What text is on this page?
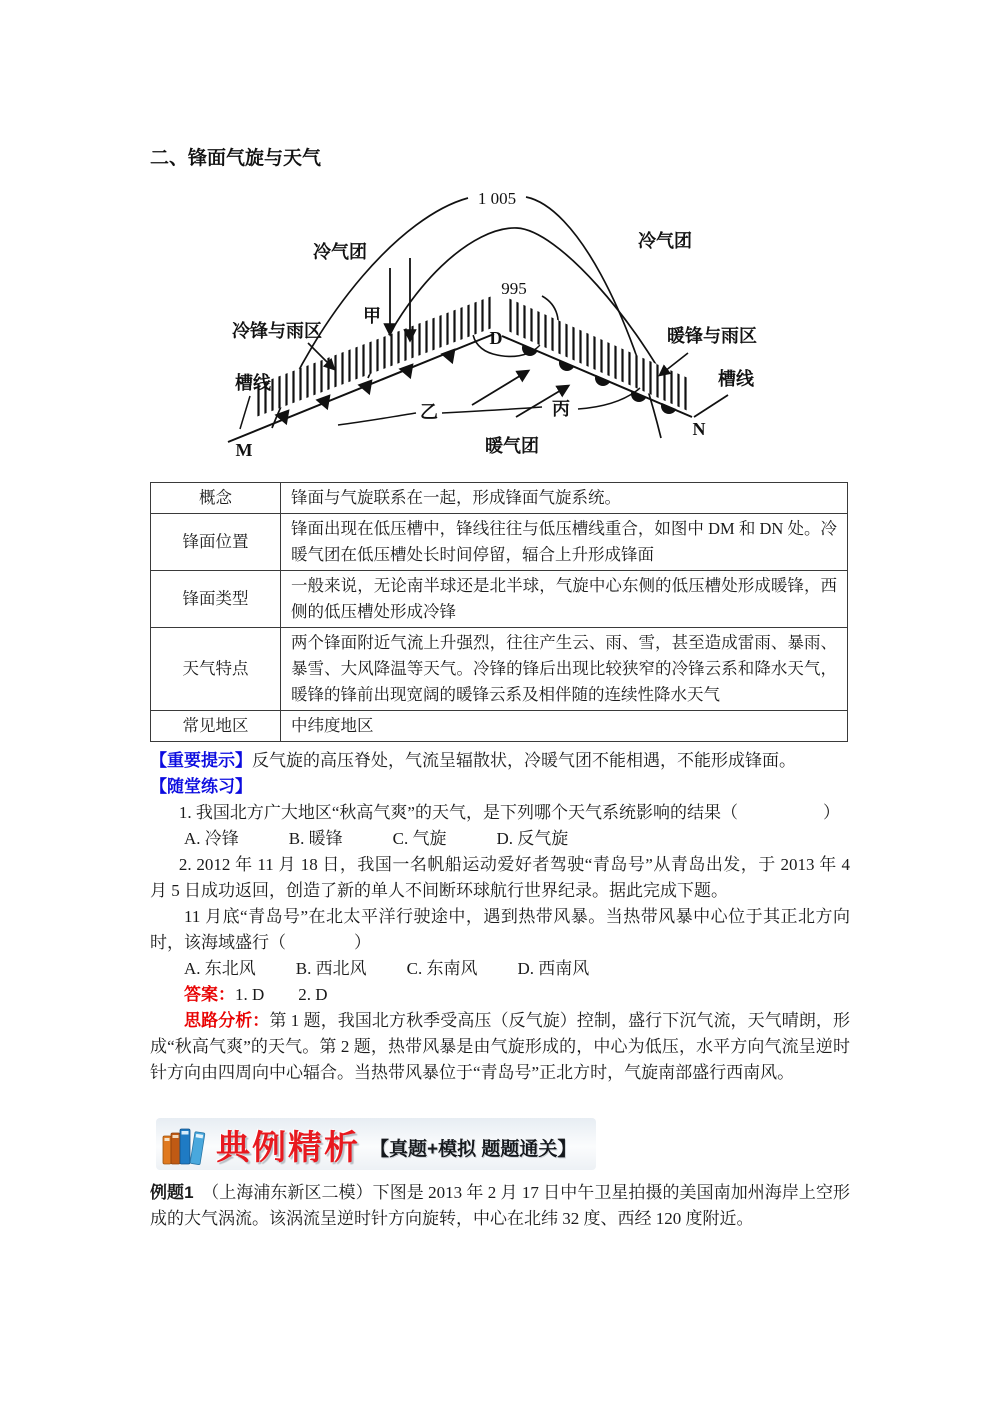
二、锋面气旋与天气
1 005
995
冷气团
冷气团
冷锋与雨区	暖锋与雨区
槽线	槽线
甲
乙	丙
D
M
N
暖气团
概念	锋面与气旋联系在一起，形成锋面气旋系统。
锋面位置	锋面出现在低压槽中，锋线往往与低压槽线重合，如图中 DM 和 DN 处。冷暖气团在低压槽处长时间停留，辐合上升形成锋面
锋面类型	一般来说，无论南半球还是北半球，气旋中心东侧的低压槽处形成暖锋，西侧的低压槽处形成冷锋
天气特点	两个锋面附近气流上升强烈，往往产生云、雨、雪，甚至造成雷雨、暴雨、暴雪、大风降温等天气。冷锋的锋后出现比较狭窄的冷锋云系和降水天气，暖锋的锋前出现宽阔的暖锋云系及相伴随的连续性降水天气
常见地区	中纬度地区

【重要提示】反气旋的高压脊处，气流呈辐散状，冷暖气团不能相遇，不能形成锋面。

【随堂练习】

1. 我国北方广大地区“秋高气爽”的天气，是下列哪个天气系统影响的结果（　　　　　）

A. 冷锋	B. 暖锋	C. 气旋	D. 反气旋

2. 2012 年 11 月 18 日，我国一名帆船运动爱好者驾驶“青岛号”从青岛出发，于 2013 年 4 月 5 日成功返回，创造了新的单人不间断环球航行世界纪录。据此完成下题。

11 月底“青岛号”在北太平洋行驶途中，遇到热带风暴。当热带风暴中心位于其正北方向时，该海域盛行（　　　　）

A. 东北风 B. 西北风 C. 东南风 D. 西南风

答案：1. D　　2. D

思路分析：第 1 题，我国北方秋季受高压（反气旋）控制，盛行下沉气流，天气晴朗，形成“秋高气爽”的天气。第 2 题，热带风暴是由气旋形成的，中心为低压，水平方向气流呈逆时针方向由四周向中心辐合。当热带风暴位于“青岛号”正北方时，气旋南部盛行西南风。

典例精析 【真题+模拟 题题通关】

例题1　（上海浦东新区二模）下图是 2013 年 2 月 17 日中午卫星拍摄的美国南加州海岸上空形成的大气涡流。该涡流呈逆时针方向旋转，中心在北纬 32 度、西经 120 度附近。
